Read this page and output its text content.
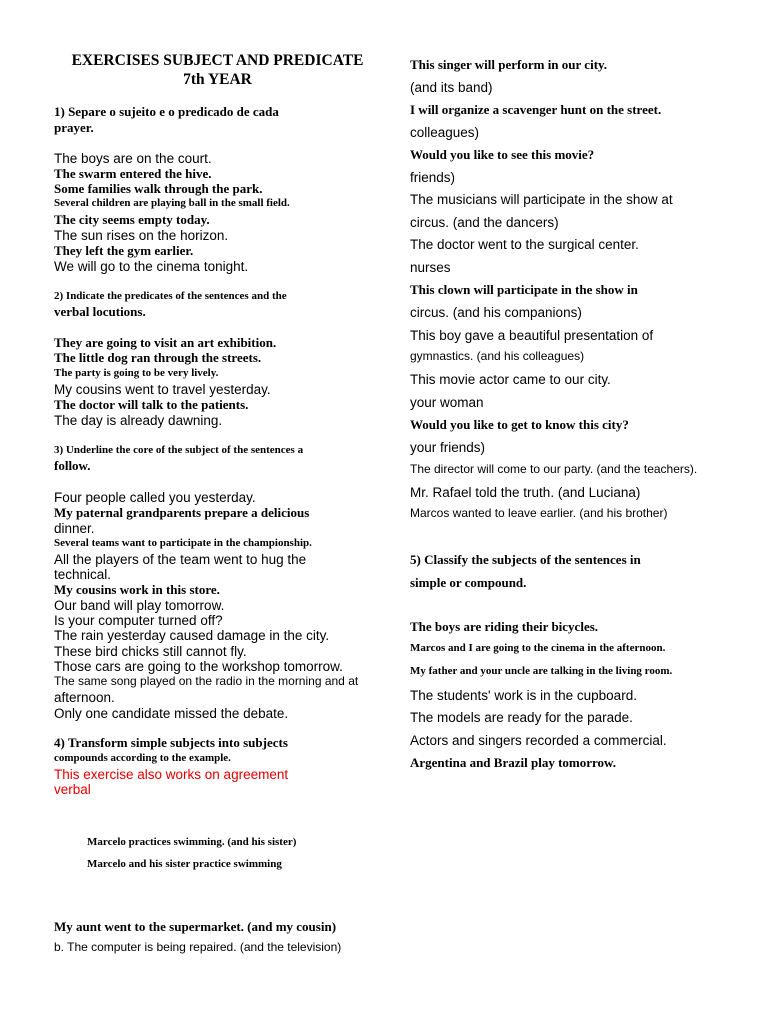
EXERCISES SUBJECT AND PREDICATE
7th YEAR
1) Separe o sujeito e o predicado de cada
prayer.
The boys are on the court.
The swarm entered the hive.
Some families walk through the park.
Several children are playing ball in the small field.
The city seems empty today.
The sun rises on the horizon.
They left the gym earlier.
We will go to the cinema tonight.
2) Indicate the predicates of the sentences and the
verbal locutions.
They are going to visit an art exhibition.
The little dog ran through the streets.
The party is going to be very lively.
My cousins went to travel yesterday.
The doctor will talk to the patients.
The day is already dawning.
3) Underline the core of the subject of the sentences a
follow.
Four people called you yesterday.
My paternal grandparents prepare a delicious
dinner.
Several teams want to participate in the championship.
All the players of the team went to hug the
technical.
My cousins work in this store.
Our band will play tomorrow.
Is your computer turned off?
The rain yesterday caused damage in the city.
These bird chicks still cannot fly.
Those cars are going to the workshop tomorrow.
The same song played on the radio in the morning and at
afternoon.
Only one candidate missed the debate.
4) Transform simple subjects into subjects
compounds according to the example.
This exercise also works on agreement
verbal
Marcelo practices swimming. (and his sister)
Marcelo and his sister practice swimming
My aunt went to the supermarket. (and my cousin)
b. The computer is being repaired. (and the television)
This singer will perform in our city.
(and its band)
I will organize a scavenger hunt on the street.
colleagues)
Would you like to see this movie?
friends)
The musicians will participate in the show at
circus. (and the dancers)
The doctor went to the surgical center.
nurses
This clown will participate in the show in
circus. (and his companions)
This boy gave a beautiful presentation of
gymnastics. (and his colleagues)
This movie actor came to our city.
your woman
Would you like to get to know this city?
your friends)
The director will come to our party. (and the teachers).
Mr. Rafael told the truth. (and Luciana)
Marcos wanted to leave earlier. (and his brother)
5) Classify the subjects of the sentences in
simple or compound.
The boys are riding their bicycles.
Marcos and I are going to the cinema in the afternoon.
My father and your uncle are talking in the living room.
The students' work is in the cupboard.
The models are ready for the parade.
Actors and singers recorded a commercial.
Argentina and Brazil play tomorrow.
